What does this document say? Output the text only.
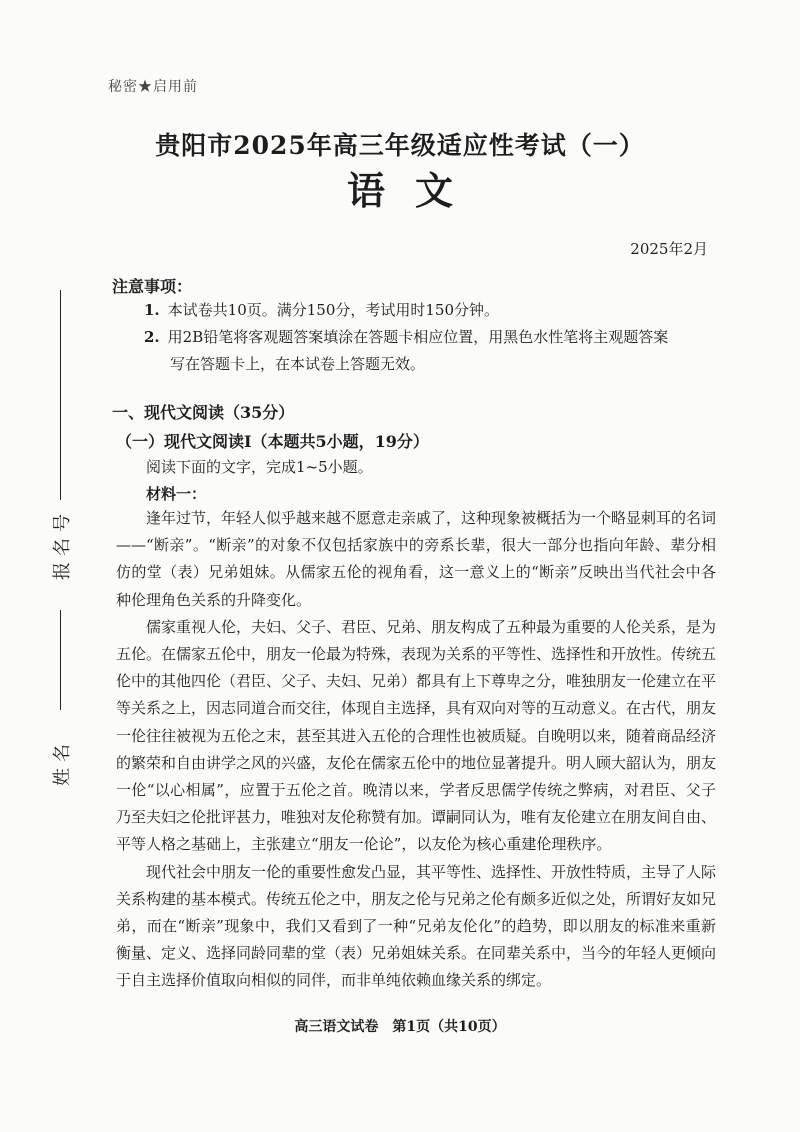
秘密★启用前
贵阳市2025年高三年级适应性考试（一）
语文
2025年2月
注意事项：
1. 本试卷共10页。满分150分，考试用时150分钟。
2. 用2B铅笔将客观题答案填涂在答题卡相应位置，用黑色水性笔将主观题答案
写在答题卡上，在本试卷上答题无效。
一、现代文阅读（35分）
（一）现代文阅读Ⅰ（本题共5小题，19分）
阅读下面的文字，完成1~5小题。
材料一：

逢年过节，年轻人似乎越来越不愿意走亲戚了，这种现象被概括为一个略显刺耳的名词——“断亲”。“断亲”的对象不仅包括家族中的旁系长辈，很大一部分也指向年龄、辈分相仿的堂（表）兄弟姐妹。从儒家五伦的视角看，这一意义上的“断亲”反映出当代社会中各种伦理角色关系的升降变化。

儒家重视人伦，夫妇、父子、君臣、兄弟、朋友构成了五种最为重要的人伦关系，是为五伦。在儒家五伦中，朋友一伦最为特殊，表现为关系的平等性、选择性和开放性。传统五伦中的其他四伦（君臣、父子、夫妇、兄弟）都具有上下尊卑之分，唯独朋友一伦建立在平等关系之上，因志同道合而交往，体现自主选择，具有双向对等的互动意义。在古代，朋友一伦往往被视为五伦之末，甚至其进入五伦的合理性也被质疑。自晚明以来，随着商品经济的繁荣和自由讲学之风的兴盛，友伦在儒家五伦中的地位显著提升。明人顾大韶认为，朋友一伦“以心相属”，应置于五伦之首。晚清以来，学者反思儒学传统之弊病，对君臣、父子乃至夫妇之伦批评甚力，唯独对友伦称赞有加。谭嗣同认为，唯有友伦建立在朋友间自由、平等人格之基础上，主张建立“朋友一伦论”，以友伦为核心重建伦理秩序。

现代社会中朋友一伦的重要性愈发凸显，其平等性、选择性、开放性特质，主导了人际关系构建的基本模式。传统五伦之中，朋友之伦与兄弟之伦有颇多近似之处，所谓好友如兄弟，而在“断亲”现象中，我们又看到了一种“兄弟友伦化”的趋势，即以朋友的标准来重新衡量、定义、选择同龄同辈的堂（表）兄弟姐妹关系。在同辈关系中，当今的年轻人更倾向于自主选择价值取向相似的同伴，而非单纯依赖血缘关系的绑定。

高三语文试卷　第1页（共10页）
报名号
姓名
